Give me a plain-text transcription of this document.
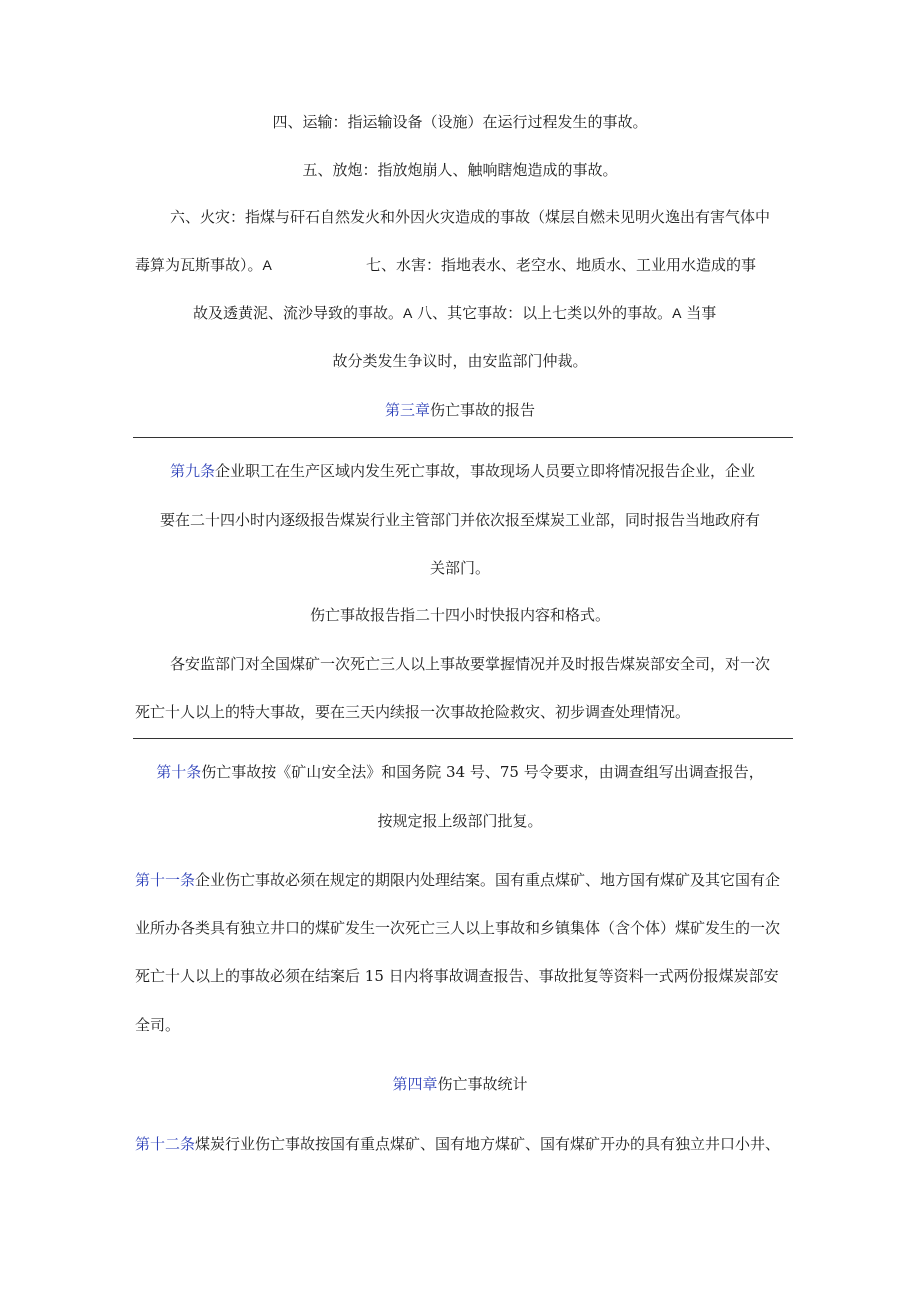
四、运输：指运输设备（设施）在运行过程发生的事故。
五、放炮：指放炮崩人、触响瞎炮造成的事故。
六、火灾：指煤与矸石自然发火和外因火灾造成的事故（煤层自燃未见明火逸出有害气体中
毒算为瓦斯事故）。A	七、水害：指地表水、老空水、地质水、工业用水造成的事
故及透黄泥、流沙导致的事故。A 八、其它事故：以上七类以外的事故。A 当事
故分类发生争议时，由安监部门仲裁。
第三章伤亡事故的报告
第九条企业职工在生产区域内发生死亡事故，事故现场人员要立即将情况报告企业，企业
要在二十四小时内逐级报告煤炭行业主管部门并依次报至煤炭工业部，同时报告当地政府有
关部门。
伤亡事故报告指二十四小时快报内容和格式。
各安监部门对全国煤矿一次死亡三人以上事故要掌握情况并及时报告煤炭部安全司，对一次
死亡十人以上的特大事故，要在三天内续报一次事故抢险救灾、初步调查处理情况。
第十条伤亡事故按《矿山安全法》和国务院 34 号、75 号令要求，由调查组写出调查报告，
按规定报上级部门批复。
第十一条企业伤亡事故必须在规定的期限内处理结案。国有重点煤矿、地方国有煤矿及其它国有企
业所办各类具有独立井口的煤矿发生一次死亡三人以上事故和乡镇集体（含个体）煤矿发生的一次
死亡十人以上的事故必须在结案后 15 日内将事故调查报告、事故批复等资料一式两份报煤炭部安
全司。
第四章伤亡事故统计
第十二条煤炭行业伤亡事故按国有重点煤矿、国有地方煤矿、国有煤矿开办的具有独立井口小井、
